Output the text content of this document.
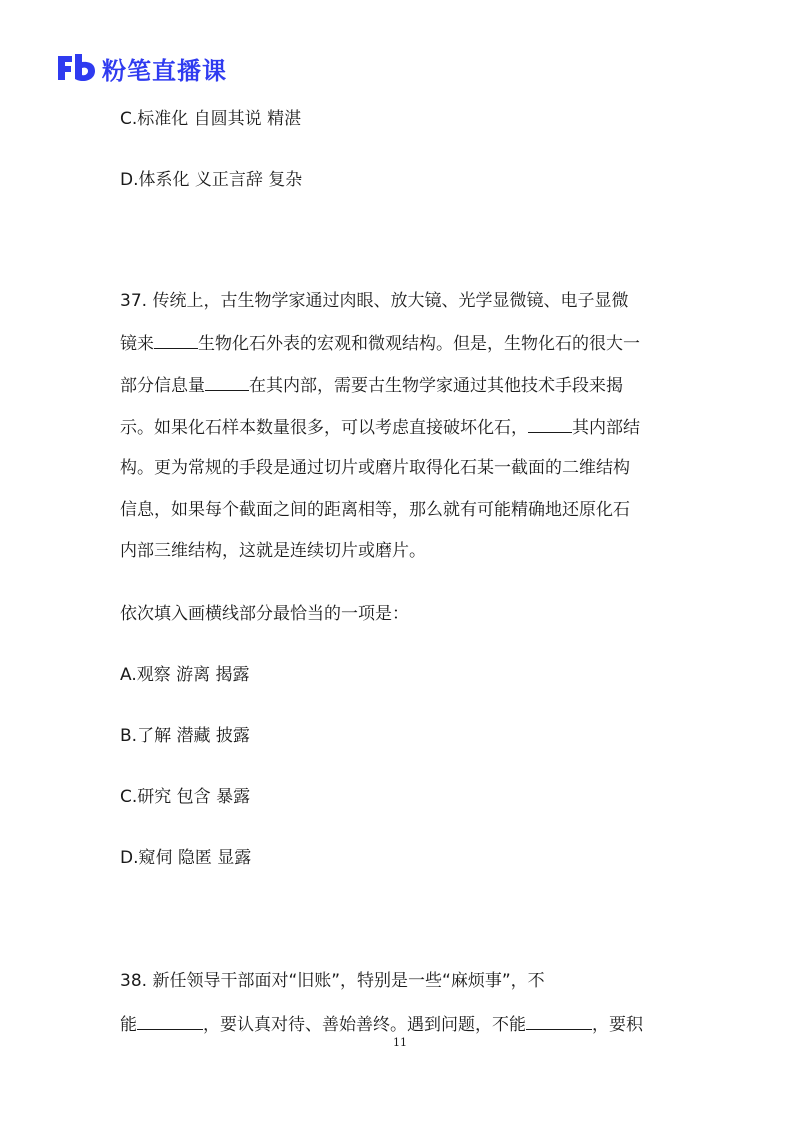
粉笔直播课
C.标准化 自圆其说 精湛
D.体系化 义正言辞 复杂
37. 传统上，古生物学家通过肉眼、放大镜、光学显微镜、电子显微
镜来	生物化石外表的宏观和微观结构。但是，生物化石的很大一
部分信息量	在其内部，需要古生物学家通过其他技术手段来揭
示。如果化石样本数量很多，可以考虑直接破坏化石，	其内部结
构。更为常规的手段是通过切片或磨片取得化石某一截面的二维结构
信息，如果每个截面之间的距离相等，那么就有可能精确地还原化石
内部三维结构，这就是连续切片或磨片。
依次填入画横线部分最恰当的一项是：
A.观察 游离 揭露
B.了解 潜藏 披露
C.研究 包含 暴露
D.窥伺 隐匿 显露
38. 新任领导干部面对“旧账”，特别是一些“麻烦事”，不
能	，要认真对待、善始善终。遇到问题，不能	，要积
11
